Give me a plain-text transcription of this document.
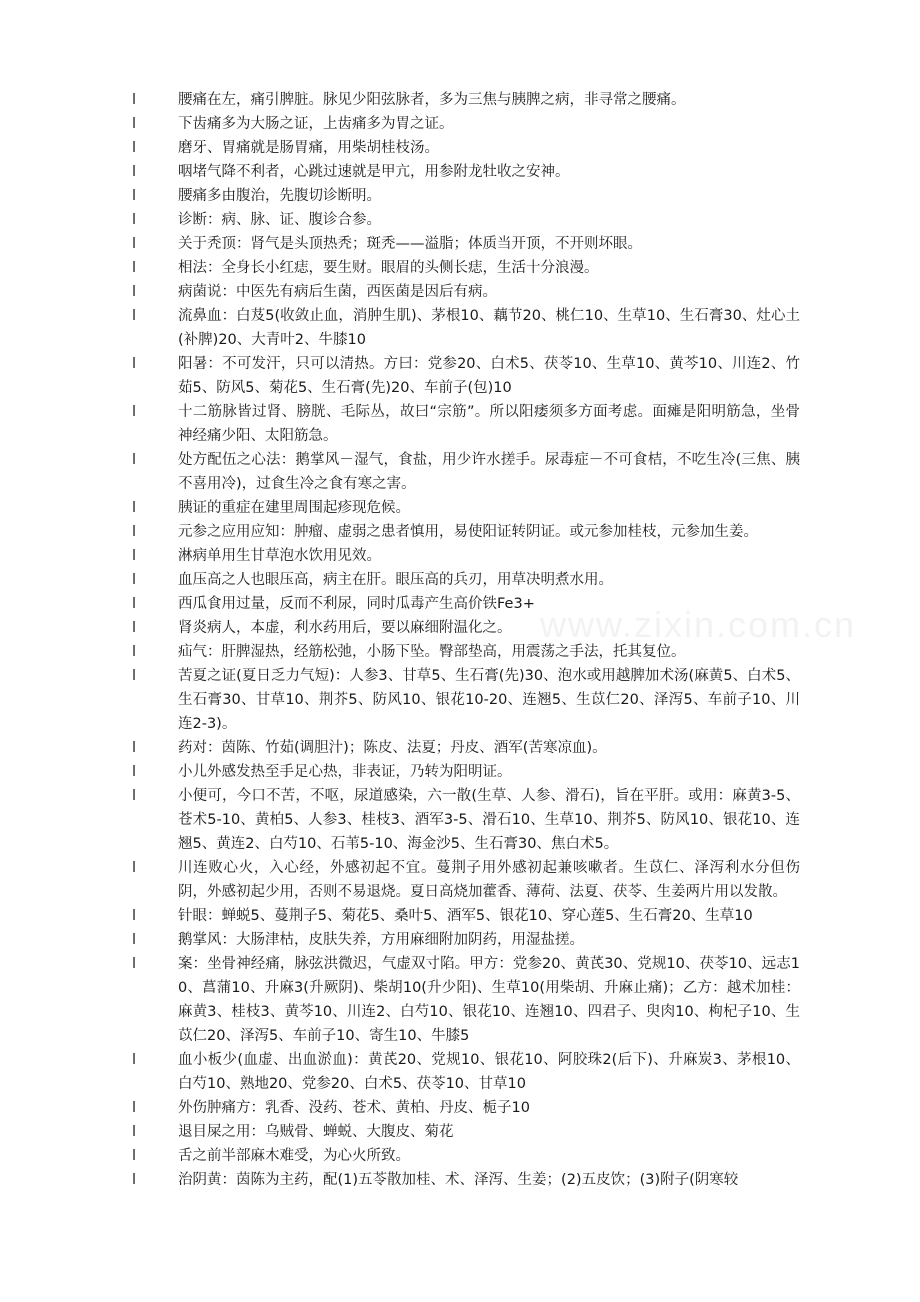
www.zixin.com.cn
l	腰痛在左，痛引脾脏。脉见少阳弦脉者，多为三焦与胰脾之病，非寻常之腰痛。
l	下齿痛多为大肠之证，上齿痛多为胃之证。
l	磨牙、胃痛就是肠胃痛，用柴胡桂枝汤。
l	咽堵气降不利者，心跳过速就是甲亢，用参附龙牡收之安神。
l	腰痛多由腹治，先腹切诊断明。
l	诊断：病、脉、证、腹诊合参。
l	关于秃顶：肾气是头顶热秃；斑秃——溢脂；体质当开顶，不开则坏眼。
l	相法：全身长小红痣，要生财。眼眉的头侧长痣，生活十分浪漫。
l	病菌说：中医先有病后生菌，西医菌是因后有病。
l	流鼻血：白芨5(收敛止血，消肿生肌)、茅根10、藕节20、桃仁10、生草10、生石膏30、灶心土(补脾)20、大青叶2、牛膝10
l	阳暑：不可发汗，只可以清热。方曰：党参20、白术5、茯苓10、生草10、黄芩10、川连2、竹茹5、防风5、菊花5、生石膏(先)20、车前子(包)10
l	十二筋脉皆过肾、膀胱、毛际丛，故曰“宗筋”。所以阳痿须多方面考虑。面瘫是阳明筋急，坐骨神经痛少阳、太阳筋急。
l	处方配伍之心法：鹅掌风－湿气，食盐，用少许水搓手。尿毒症－不可食桔，不吃生冷(三焦、胰不喜用冷)，过食生冷之食有寒之害。
l	胰证的重症在建里周围起疹现危候。
l	元参之应用应知：肿瘤、虚弱之患者慎用，易使阳证转阴证。或元参加桂枝，元参加生姜。
l	淋病单用生甘草泡水饮用见效。
l	血压高之人也眼压高，病主在肝。眼压高的兵刃，用草决明煮水用。
l	西瓜食用过量，反而不利尿，同时瓜毒产生高价铁Fe3+
l	肾炎病人，本虚，利水药用后，要以麻细附温化之。
l	疝气：肝脾湿热，经筋松弛，小肠下坠。臀部垫高，用震荡之手法，托其复位。
l	苦夏之证(夏日乏力气短)：人参3、甘草5、生石膏(先)30、泡水或用越脾加术汤(麻黄5、白术5、生石膏30、甘草10、荆芥5、防风10、银花10-20、连翘5、生苡仁20、泽泻5、车前子10、川连2-3)。
l	药对：茵陈、竹茹(调胆汁)；陈皮、法夏；丹皮、酒军(苦寒凉血)。
l	小儿外感发热至手足心热，非表证，乃转为阳明证。
l	小便可，今口不苦，不呕，尿道感染，六一散(生草、人参、滑石)，旨在平肝。或用：麻黄3-5、苍术5-10、黄柏5、人参3、桂枝3、酒军3-5、滑石10、生草10、荆芥5、防风10、银花10、连翘5、黄连2、白芍10、石苇5-10、海金沙5、生石膏30、焦白术5。
l	川连败心火，入心经，外感初起不宜。蔓荆子用外感初起兼咳嗽者。生苡仁、泽泻利水分但伤阴，外感初起少用，否则不易退烧。夏日高烧加藿香、薄荷、法夏、茯苓、生姜两片用以发散。
l	针眼：蝉蜕5、蔓荆子5、菊花5、桑叶5、酒军5、银花10、穿心莲5、生石膏20、生草10
l	鹅掌风：大肠津枯，皮肤失养，方用麻细附加阴药，用湿盐搓。
l	案：坐骨神经痛，脉弦洪微迟，气虚双寸陷。甲方：党参20、黄芪30、党规10、茯苓10、远志10、菖蒲10、升麻3(升厥阴)、柴胡10(升少阳)、生草10(用柴胡、升麻止痛)；乙方：越术加桂：麻黄3、桂枝3、黄芩10、川连2、白芍10、银花10、连翘10、四君子、臾肉10、枸杞子10、生苡仁20、泽泻5、车前子10、寄生10、牛膝5
l	血小板少(血虚、出血淤血)：黄芪20、党规10、银花10、阿胶珠2(后下)、升麻炭3、茅根10、白芍10、熟地20、党参20、白术5、茯苓10、甘草10
l	外伤肿痛方：乳香、没药、苍术、黄柏、丹皮、栀子10
l	退目屎之用：乌贼骨、蝉蜕、大腹皮、菊花
l	舌之前半部麻木难受，为心火所致。
l	治阴黄：茵陈为主药，配(1)五苓散加桂、术、泽泻、生姜；(2)五皮饮；(3)附子(阴寒较
